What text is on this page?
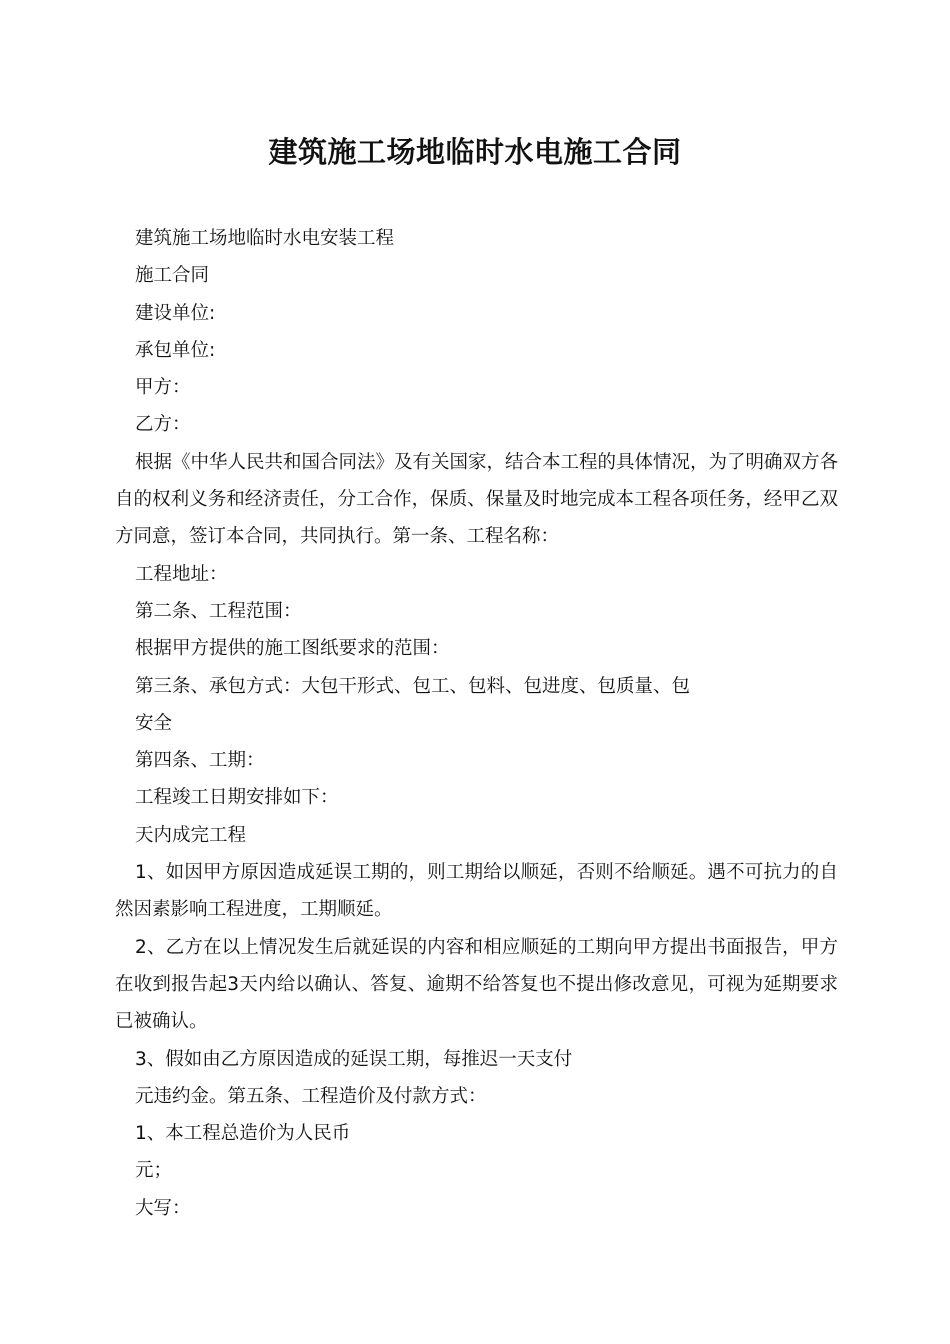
建筑施工场地临时水电施工合同

建筑施工场地临时水电安装工程

施工合同

建设单位:

承包单位:

甲方：

乙方：

根据《中华人民共和国合同法》及有关国家，结合本工程的具体情况，为了明确双方各自的权利义务和经济责任，分工合作，保质、保量及时地完成本工程各项任务，经甲乙双方同意，签订本合同，共同执行。第一条、工程名称：

工程地址：

第二条、工程范围：

根据甲方提供的施工图纸要求的范围：

第三条、承包方式：大包干形式、包工、包料、包进度、包质量、包

安全

第四条、工期：

工程竣工日期安排如下：

天内成完工程

1、如因甲方原因造成延误工期的，则工期给以顺延，否则不给顺延。遇不可抗力的自然因素影响工程进度，工期顺延。

2、乙方在以上情况发生后就延误的内容和相应顺延的工期向甲方提出书面报告，甲方在收到报告起3天内给以确认、答复、逾期不给答复也不提出修改意见，可视为延期要求已被确认。

3、假如由乙方原因造成的延误工期，每推迟一天支付

元违约金。第五条、工程造价及付款方式：

1、本工程总造价为人民币

元；

大写：
